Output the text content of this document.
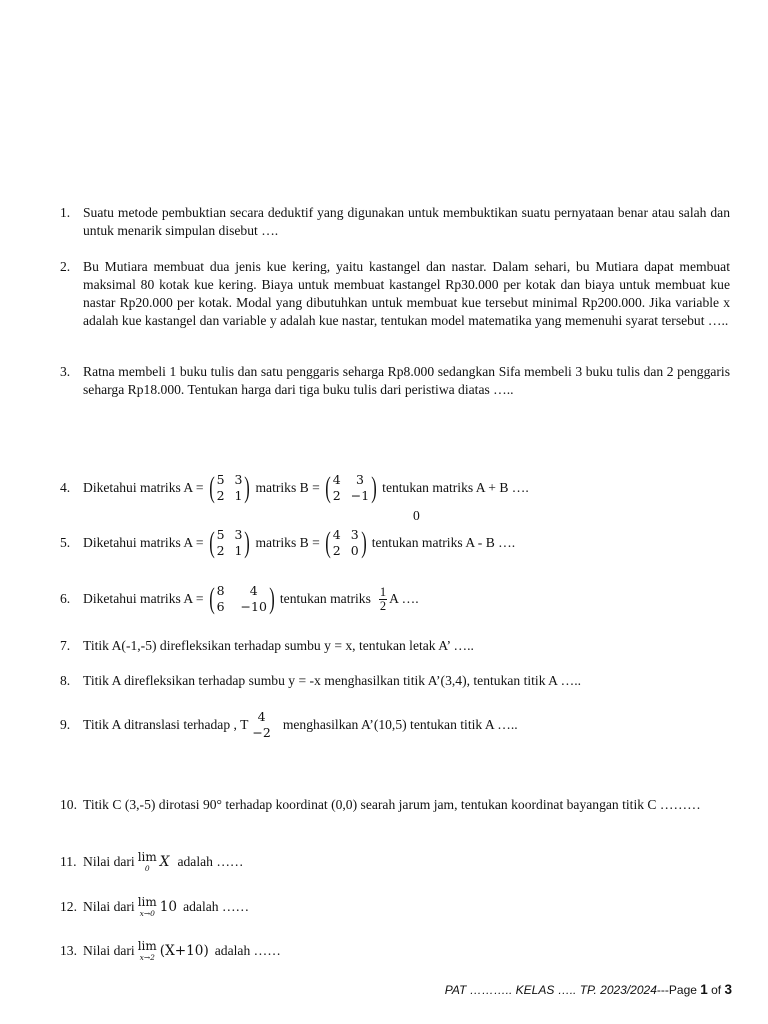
1. Suatu metode pembuktian secara deduktif yang digunakan untuk membuktikan suatu pernyataan benar atau salah dan untuk menarik simpulan disebut ….
2. Bu Mutiara membuat dua jenis kue kering, yaitu kastangel dan nastar. Dalam sehari, bu Mutiara dapat membuat maksimal 80 kotak kue kering. Biaya untuk membuat kastangel Rp30.000 per kotak dan biaya untuk membuat kue nastar Rp20.000 per kotak. Modal yang dibutuhkan untuk membuat kue tersebut minimal Rp200.000. Jika variable x adalah kue kastangel dan variable y adalah kue nastar, tentukan model matematika yang memenuhi syarat tersebut …..
3. Ratna membeli 1 buku tulis dan satu penggaris seharga Rp8.000 sedangkan Sifa membeli 3 buku tulis dan 2 penggaris seharga Rp18.000. Tentukan harga dari tiga buku tulis dari peristiwa diatas …..
4. Diketahui matriks A = ( 5 3
2 1 ) matriks B = ( 4	3
2 −1 ) tentukan matriks A + B ….
0
5. Diketahui matriks A = ( 5 3
2 1 ) matriks B = ( 4 3
2 0 ) tentukan matriks A - B ….
6. Diketahui matriks A = ( 8	4
6 −10 ) tentukan matriks $\frac{1}{2}$ A ….
7. Titik A(-1,-5) direfleksikan terhadap sumbu y = x, tentukan letak A’ …..
8. Titik A direfleksikan terhadap sumbu y = -x menghasilkan titik A’(3,4), tentukan titik A …..
9. Titik A ditranslasi terhadap , T
4
−2
menghasilkan A’(10,5) tentukan titik A …..
10. Titik C (3,-5) dirotasi 90° terhadap koordinat (0,0) searah jarum jam, tentukan koordinat bayangan titik C ………
11. Nilai dari lim
0 X adalah ……
12. Nilai dari lim
x→0 10 adalah ……
13. Nilai dari lim
x→2 (X+10) adalah ……
PAT ……….. KELAS ….. TP. 2023/2024---Page 1 of 3
